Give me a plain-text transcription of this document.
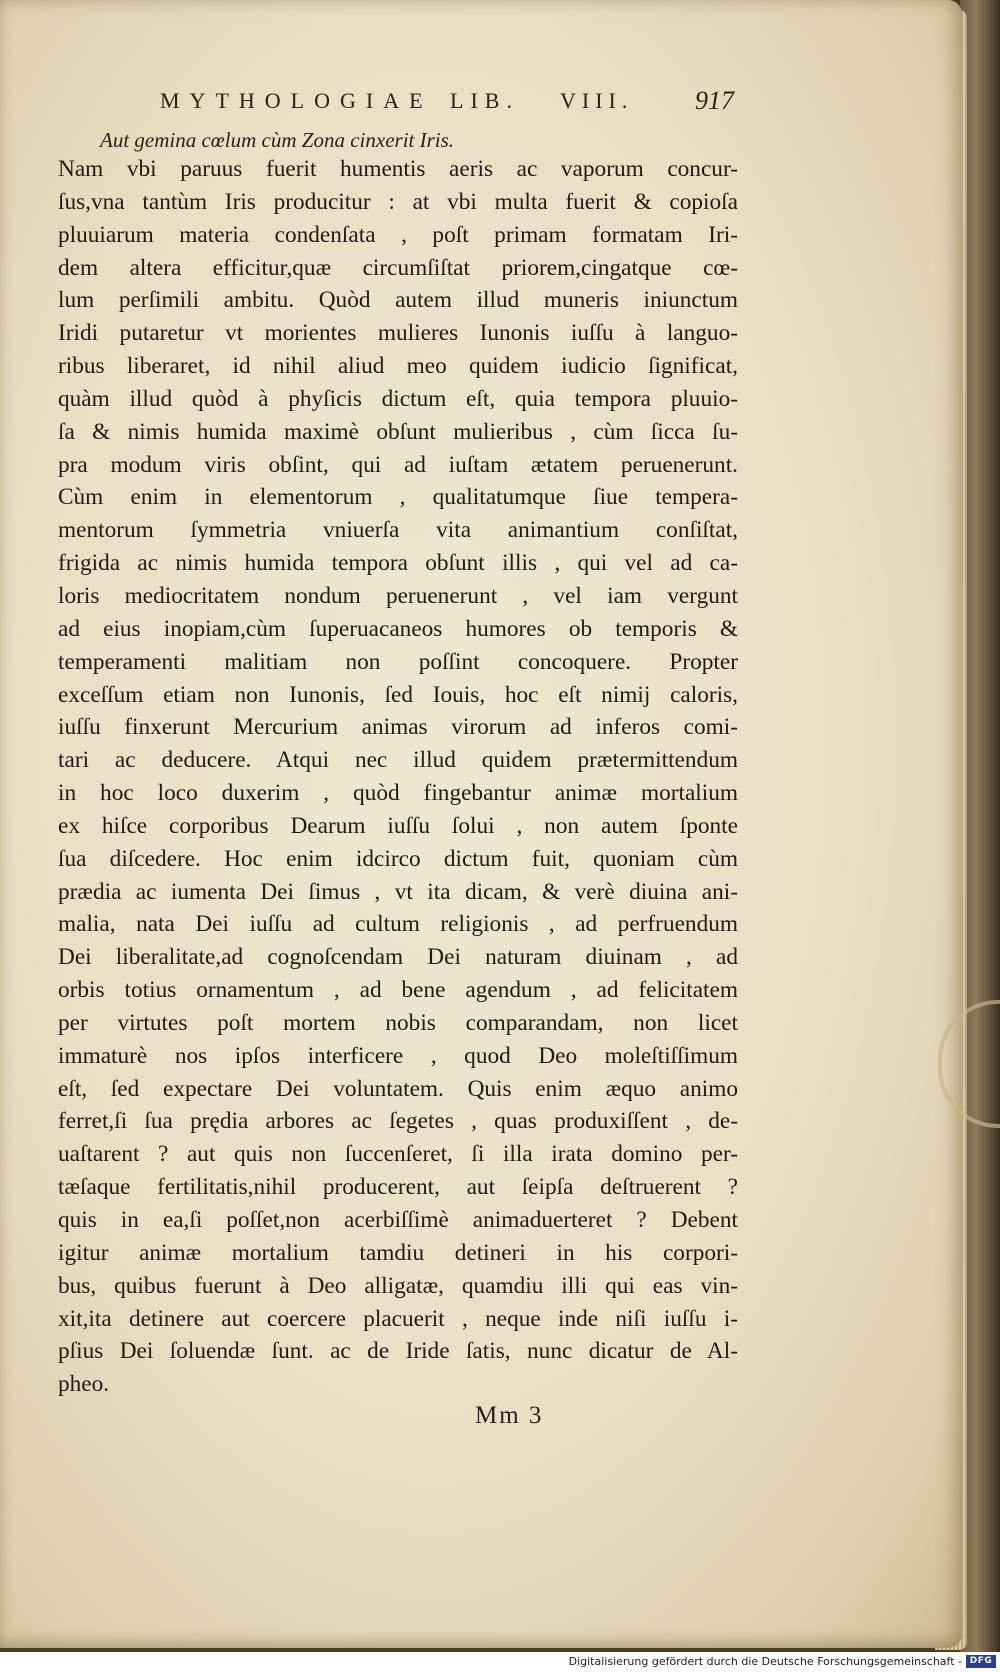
MYTHOLOGIAE LIB. VIII. 917
Aut gemina cœlum cùm Zona cinxerit Iris.
Nam vbi paruus fuerit humentis aeris ac vaporum concur-
ſus,vna tantùm Iris producitur : at vbi multa fuerit & copioſa
pluuiarum materia condenſata , poſt primam formatam Iri-
dem altera efficitur,quæ circumſiſtat priorem,cingatque cœ-
lum perſimili ambitu. Quòd autem illud muneris iniunctum
Iridi putaretur vt morientes mulieres Iunonis iuſſu à languo-
ribus liberaret, id nihil aliud meo quidem iudicio ſignificat,
quàm illud quòd à phyſicis dictum eſt, quia tempora pluuio-
ſa & nimis humida maximè obſunt mulieribus , cùm ſicca ſu-
pra modum viris obſint, qui ad iuſtam ætatem peruenerunt.
Cùm enim in elementorum , qualitatumque ſiue tempera-
mentorum ſymmetria vniuerſa vita animantium conſiſtat,
frigida ac nimis humida tempora obſunt illis , qui vel ad ca-
loris mediocritatem nondum peruenerunt , vel iam vergunt
ad eius inopiam,cùm ſuperuacaneos humores ob temporis &
temperamenti malitiam non poſſint concoquere. Propter
exceſſum etiam non Iunonis, ſed Iouis, hoc eſt nimij caloris,
iuſſu finxerunt Mercurium animas virorum ad inferos comi-
tari ac deducere. Atqui nec illud quidem prætermittendum
in hoc loco duxerim , quòd fingebantur animæ mortalium
ex hiſce corporibus Dearum iuſſu ſolui , non autem ſponte
ſua diſcedere. Hoc enim idcirco dictum fuit, quoniam cùm
prædia ac iumenta Dei ſimus , vt ita dicam, & verè diuina ani-
malia, nata Dei iuſſu ad cultum religionis , ad perfruendum
Dei liberalitate,ad cognoſcendam Dei naturam diuinam , ad
orbis totius ornamentum , ad bene agendum , ad felicitatem
per virtutes poſt mortem nobis comparandam, non licet
immaturè nos ipſos interficere , quod Deo moleſtiſſimum
eſt, ſed expectare Dei voluntatem. Quis enim æquo animo
ferret,ſi ſua prędia arbores ac ſegetes , quas produxiſſent , de-
uaſtarent ? aut quis non ſuccenſeret, ſi illa irata domino per-
tæſaque fertilitatis,nihil producerent, aut ſeipſa deſtruerent ?
quis in ea,ſi poſſet,non acerbiſſimè animaduerteret ? Debent
igitur animæ mortalium tamdiu detineri in his corpori-
bus, quibus fuerunt à Deo alligatæ, quamdiu illi qui eas vin-
xit,ita detinere aut coercere placuerit , neque inde niſi iuſſu i-
pſius Dei ſoluendæ ſunt. ac de Iride ſatis, nunc dicatur de Al-
pheo.
Mm 3
Digitalisierung gefördert durch die Deutsche Forschungsgemeinschaft - DFG
